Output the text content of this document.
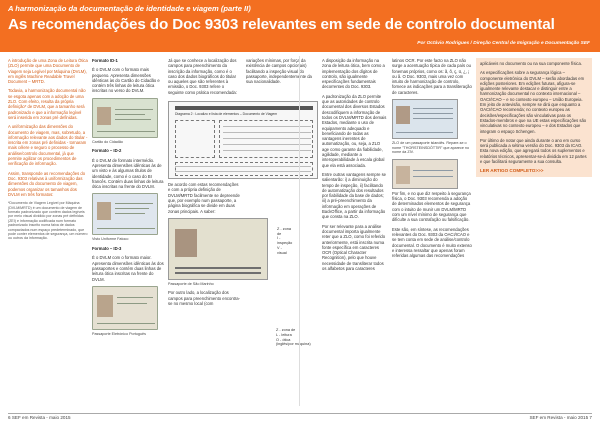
A harmonização da documentação de identidade e viagem (parte II)
As recomendações do Doc 9303 relevantes em sede de controlo documental
Por Octávio Rodrigues / Direção Central de Imigração e Documentação SEF

A introdução de uma Zona de Leitura Ótica (ZLO) permite que uma Documento de Viagem seja Legível por Máquina (DVLM), em inglês Machine Readable Travel Document – MRTD.

Todavia, a harmonização documental não se esgota apenas com a adoção de uma ZLO. Com efeito, resulta da própria definição* de DVLM, que a tamanho será padronizado e que a informação legível será inserida em zonas pré definidas.

A uniformização das dimensões do documento de viagem, mas, sobretudo, a informação relevante aos dados do titular - inscrita em zonas pré definidas - tornaram mais célere e seguro o processo de análise/controlo documental, já que permite agilizar os procedimentos de verificação de informação.

Assim, transponde as recomendações do Doc. 9303 relativas à uniformização das dimensões do documento de viagem, podemos organizar os tamanhos dos DVLM em três formatos:

*Documento de Viagem Legível por Máquina (DVLM/MRTD) é um documento de viagem de formato padronizado que contém dados legíveis por meio visual dividido por zonas pré definidas (ZEI) e informação codificada num formato padronizado inscrito numa faixa de dados compactados num espaço predeterminado, que pode conter elementos de segurança, um número ou outros da informação.

Formato ID-1

É o DVLM com o formato mais pequeno. Apresenta dimensões idênticas às do Cartão do Cidadão e contém três linhas de leitura ótica inscritas no verso do DVLM.

Cartão do Cidadão

Formato – ID-2

É o DVLM de formato intermédio. Apresenta dimensões idênticas às de um visto e às algumas títulos de identidade, como é o caso do BI francês. Contém duas linhas de leitura ótica inscritas na frente do DVLM.

Visto Uniforme Fatoco

Formato – ID-3

É o DVLM com o formato maior. Apresenta dimensões idênticas às dos passaportes e contém duas linhas de leitura ótica inscritas na frente do DVLM.

Passaporte Eletrónico Português

Já que se conhece a localização dos campos para preenchimento da inscrição da informação, como é o caso dos dados biográficos do titular ou aqueles que são referentes à emissão, o Doc. 9303 refere o seguinte como prática recomendada:

variações mínimas, por força da existência de campos opcionais) facilitando a inspeção visual do passaporte, independentemente da sua nacionalidade.

Diagrama 2 : Localizo e lista de elementos – Documento de Viagem

De acordo com estas recomendações e com a própria definição de DVLM/MRTD facilmente se depreende que, por exemplo num passaporte, a página biográfica se divide em duas zonas principais. A saber:

Z - zona de
I - inspeção
V - visual
Z - zona de
L - leitura
O - ótica
(inglês/por máquina)

Passaporte de São Marinho

Por outro lado, a localização dos campos para preenchimento encontra-se no mesmo local (com

A disposição da informação na zona de leitura ótica, bem como a implementação dos dígitos de controlo, são igualmente especificações fundamentais decorrentes do Doc. 9303.

A padronização da ZLO permite que as autoridades de controlo documental dos diversos Estados descodifiquem a informação de todos os DVLM/MRTD dos demais Estados, mediante o uso de equipamento adequado e beneficiando de todas as vantagens inerentes de automatização, ou, seja, a ZLO age como garante da fiabilidade, agilidade, mediante a interoperabilidade à escala global que ela está associada.

Entre outras vantagens sempre se salientarão: i) a diminuição do tempo de inspeção, ii) facilitando de automatização dos resultados por fiabilidade da base de dados; iii) a pré-preenchimento da informação em operações de BackOffice, a partir da informação que consta na ZLO.

Por ser relevante para a análise documental importa igualmente reter que a ZLO, como foi referido anteriormente, está inscrita numa fonte específica em caracteres OCR (Optical Character Recognition), pelo que houve necessidade de transliterar todos os alfabetos para caracteres

latinos OCR. Por este facto na ZLO não surge a acentuação típica de cada país ou fonemas próprios, como os: ã, õ, ç, ü, ¿, ¡ ou å. O Doc. 9303, mais uma vez com intuito de harmonização de controlo, fornece as indicações para a transliteração de caracteres.

ZLO de um passaporte islandês. Repare-se o nome "THORSTEINSDÓTTIR" que aparece no nome da ZIV.

Por fim, e no que diz respeito à segurança física, o Doc. 9303 recomenda a adoção de determinados elementos de segurança com o intuito de munir um DVLM/MRTD com um nível mínimo de segurança que dificulte a sua contrafação ou falsificação.

Este são, em síntese, as recomendações relevantes do Doc. 9303 da OACI/ICAO e se tem conta em sede de análise/controlo documental. O documento é muito extenso e interessa ressaltar que apenas foram referidas algumas das recomendações

aplicáveis no documento ou na sua componente física.

As especificações sobre a segurança lógica – componente eletrónica do DVLM – serão abordadas em edições posteriores. Em edições futuras, afigura-se igualmente relevante destacar e distinguir entre a harmonização documental no contexto internacional – OACI/ICAO – e no contexto europeu – União Europeia. Em jeito de antevisão, sempre se dirá que enquanto a OACI/ICAO recomenda; no contexto europeu as decisões/especificações são vinculativas para os Estados-membros e que na UE estas especificações são vinculativas no contexto europeu – e dos Estados que integram o espaço Schengen.

Por último de notar que ainda durante o ano em curso será publicada a sétima versão do Doc. 9303 da ICAO. Esta nova edição, que agregará todos os suplementos e relatórios técnicos, apresentar-se-á dividida em 12 partes e que facilitará seguramente a sua consulta.

LER ARTIGO COMPLETO>>>
6 SEF em Revista - maio 2015	SEF em Revista - maio 2015 7
